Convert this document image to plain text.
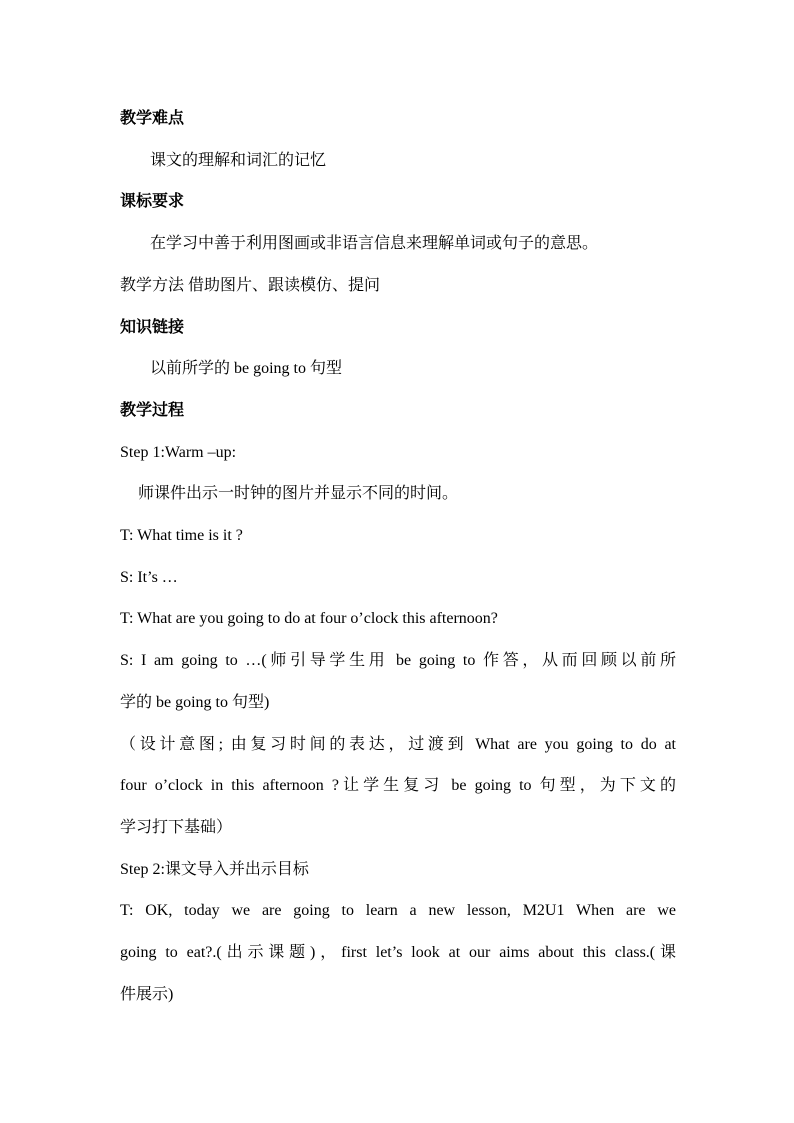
教学难点
课文的理解和词汇的记忆
课标要求
在学习中善于利用图画或非语言信息来理解单词或句子的意思。
教学方法 借助图片、跟读模仿、提问
知识链接
以前所学的 be going to 句型
教学过程
Step 1:Warm –up:
师课件出示一时钟的图片并显示不同的时间。
T: What time is it ?
S: It’s …
T: What are you going to do at four o’clock this afternoon?
S: I am going to …(师引导学生用 be going to 作答，从而回顾以前所
学的 be going to 句型)
（设计意图; 由复习时间的表达，过渡到 What are you going to do at
four o’clock in this afternoon ?让学生复习 be going to 句型，为下文的
学习打下基础）
Step 2:课文导入并出示目标
T: OK, today we are going to learn a new lesson, M2U1 When are we
going to eat?.(出示课题)，first let’s look at our aims about this class.(课
件展示)
